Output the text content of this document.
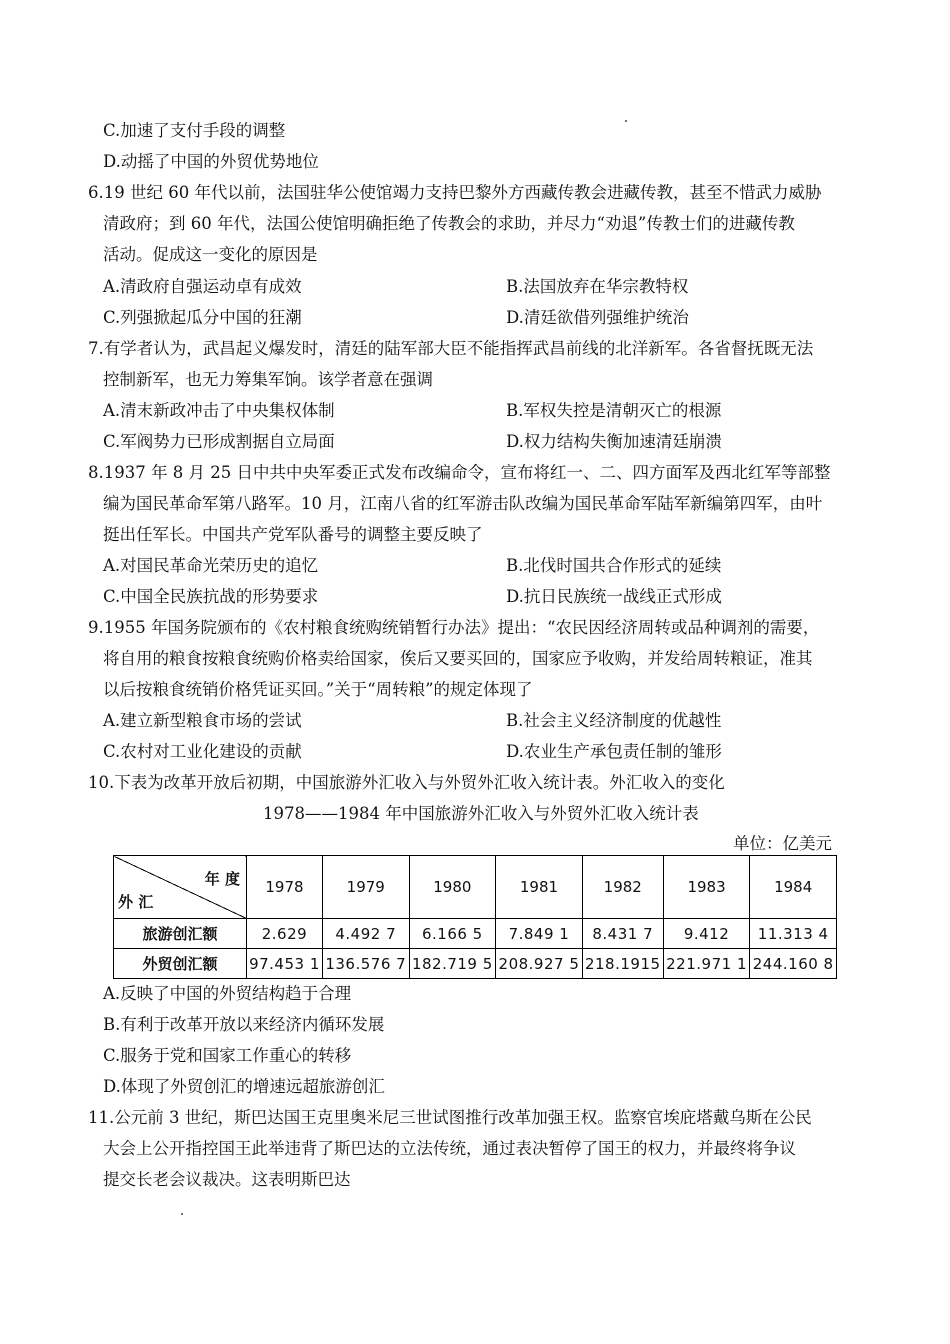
C.加速了支付手段的调整
D.动摇了中国的外贸优势地位
6.19 世纪 60 年代以前，法国驻华公使馆竭力支持巴黎外方西藏传教会进藏传教，甚至不惜武力威胁
清政府；到 60 年代，法国公使馆明确拒绝了传教会的求助，并尽力“劝退”传教士们的进藏传教
活动。促成这一变化的原因是
A.清政府自强运动卓有成效	B.法国放弃在华宗教特权
C.列强掀起瓜分中国的狂潮	D.清廷欲借列强维护统治
7.有学者认为，武昌起义爆发时，清廷的陆军部大臣不能指挥武昌前线的北洋新军。各省督抚既无法
控制新军，也无力筹集军饷。该学者意在强调
A.清末新政冲击了中央集权体制	B.军权失控是清朝灭亡的根源
C.军阀势力已形成割据自立局面	D.权力结构失衡加速清廷崩溃
8.1937 年 8 月 25 日中共中央军委正式发布改编命令，宣布将红一、二、四方面军及西北红军等部整
编为国民革命军第八路军。10 月，江南八省的红军游击队改编为国民革命军陆军新编第四军，由叶
挺出任军长。中国共产党军队番号的调整主要反映了
A.对国民革命光荣历史的追忆	B.北伐时国共合作形式的延续
C.中国全民族抗战的形势要求	D.抗日民族统一战线正式形成
9.1955 年国务院颁布的《农村粮食统购统销暂行办法》提出：“农民因经济周转或品种调剂的需要，
将自用的粮食按粮食统购价格卖给国家，俟后又要买回的，国家应予收购，并发给周转粮证，准其
以后按粮食统销价格凭证买回。”关于“周转粮”的规定体现了
A.建立新型粮食市场的尝试	B.社会主义经济制度的优越性
C.农村对工业化建设的贡献	D.农业生产承包责任制的雏形
10.下表为改革开放后初期，中国旅游外汇收入与外贸外汇收入统计表。外汇收入的变化
1978——1984 年中国旅游外汇收入与外贸外汇收入统计表
单位：亿美元
年 度
外 汇	1978	1979	1980	1981	1982	1983	1984
旅游创汇额	2.629	4.492 7	6.166 5	7.849 1	8.431 7	9.412	11.313 4
外贸创汇额	97.453 1	136.576 7	182.719 5	208.927 5	218.1915	221.971 1	244.160 8
A.反映了中国的外贸结构趋于合理
B.有利于改革开放以来经济内循环发展
C.服务于党和国家工作重心的转移
D.体现了外贸创汇的增速远超旅游创汇
11.公元前 3 世纪，斯巴达国王克里奥米尼三世试图推行改革加强王权。监察官埃庇塔戴乌斯在公民
大会上公开指控国王此举违背了斯巴达的立法传统，通过表决暂停了国王的权力，并最终将争议
提交长老会议裁决。这表明斯巴达
